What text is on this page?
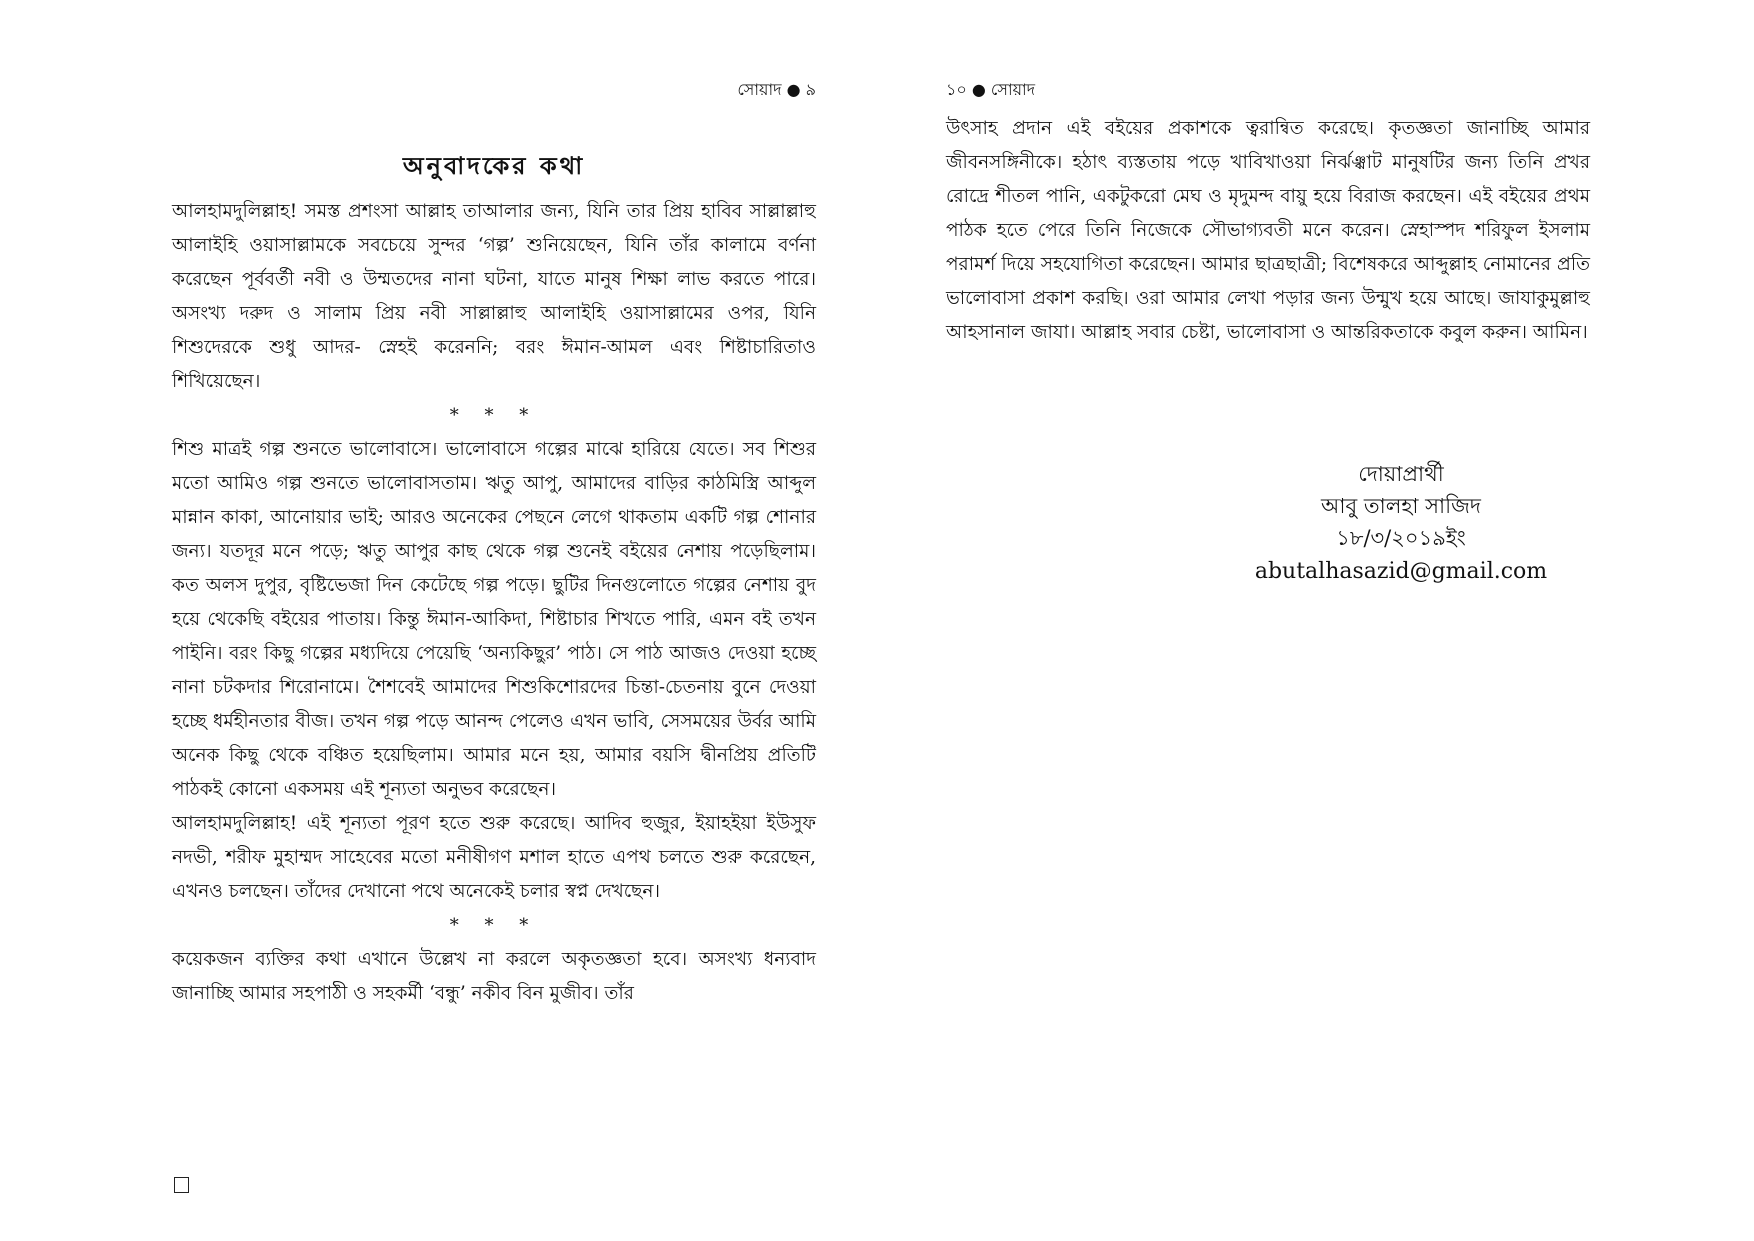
সোয়াদ ● ৯
অনুবাদকের কথা

আলহামদুলিল্লাহ! সমস্ত প্রশংসা আল্লাহ তাআলার জন্য, যিনি তার প্রিয় হাবিব সাল্লাল্লাহু আলাইহি ওয়াসাল্লামকে সবচেয়ে সুন্দর ‘গল্প’ শুনিয়েছেন, যিনি তাঁর কালামে বর্ণনা করেছেন পূর্ববর্তী নবী ও উম্মতদের নানা ঘটনা, যাতে মানুষ শিক্ষা লাভ করতে পারে। অসংখ্য দরুদ ও সালাম প্রিয় নবী সাল্লাল্লাহু আলাইহি ওয়াসাল্লামের ওপর, যিনি শিশুদেরকে শুধু আদর- স্নেহই করেননি; বরং ঈমান-আমল এবং শিষ্টাচারিতাও শিখিয়েছেন।

* * *

শিশু মাত্রই গল্প শুনতে ভালোবাসে। ভালোবাসে গল্পের মাঝে হারিয়ে যেতে। সব শিশুর মতো আমিও গল্প শুনতে ভালোবাসতাম। ঋতু আপু, আমাদের বাড়ির কাঠমিস্ত্রি আব্দুল মান্নান কাকা, আনোয়ার ভাই; আরও অনেকের পেছনে লেগে থাকতাম একটি গল্প শোনার জন্য। যতদূর মনে পড়ে; ঋতু আপুর কাছ থেকে গল্প শুনেই বইয়ের নেশায় পড়েছিলাম। কত অলস দুপুর, বৃষ্টিভেজা দিন কেটেছে গল্প পড়ে। ছুটির দিনগুলোতে গল্পের নেশায় বুদ হয়ে থেকেছি বইয়ের পাতায়। কিন্তু ঈমান-আকিদা, শিষ্টাচার শিখতে পারি, এমন বই তখন পাইনি। বরং কিছু গল্পের মধ্যদিয়ে পেয়েছি ‘অন্যকিছুর’ পাঠ। সে পাঠ আজও দেওয়া হচ্ছে নানা চটকদার শিরোনামে। শৈশবেই আমাদের শিশুকিশোরদের চিন্তা-চেতনায় বুনে দেওয়া হচ্ছে ধর্মহীনতার বীজ। তখন গল্প পড়ে আনন্দ পেলেও এখন ভাবি, সেসময়ের উর্বর আমি অনেক কিছু থেকে বঞ্চিত হয়েছিলাম। আমার মনে হয়, আমার বয়সি দ্বীনপ্রিয় প্রতিটি পাঠকই কোনো একসময় এই শূন্যতা অনুভব করেছেন।

আলহামদুলিল্লাহ! এই শূন্যতা পূরণ হতে শুরু করেছে। আদিব হুজুর, ইয়াহইয়া ইউসুফ নদভী, শরীফ মুহাম্মদ সাহেবের মতো মনীষীগণ মশাল হাতে এপথ চলতে শুরু করেছেন, এখনও চলছেন। তাঁদের দেখানো পথে অনেকেই চলার স্বপ্ন দেখছেন।

* * *

কয়েকজন ব্যক্তির কথা এখানে উল্লেখ না করলে অকৃতজ্ঞতা হবে। অসংখ্য ধন্যবাদ জানাচ্ছি আমার সহপাঠী ও সহকর্মী ‘বন্ধু’ নকীব বিন মুজীব। তাঁর

১০ ● সোয়াদ

উৎসাহ প্রদান এই বইয়ের প্রকাশকে ত্বরান্বিত করেছে। কৃতজ্ঞতা জানাচ্ছি আমার জীবনসঙ্গিনীকে। হঠাৎ ব্যস্ততায় পড়ে খাবিখাওয়া নির্ঝঞ্ঝাট মানুষটির জন্য তিনি প্রখর রোদ্রে শীতল পানি, একটুকরো মেঘ ও মৃদুমন্দ বায়ু হয়ে বিরাজ করছেন। এই বইয়ের প্রথম পাঠক হতে পেরে তিনি নিজেকে সৌভাগ্যবতী মনে করেন। স্নেহাস্পদ শরিফুল ইসলাম পরামর্শ দিয়ে সহযোগিতা করেছেন। আমার ছাত্রছাত্রী; বিশেষকরে আব্দুল্লাহ নোমানের প্রতি ভালোবাসা প্রকাশ করছি। ওরা আমার লেখা পড়ার জন্য উন্মুখ হয়ে আছে। জাযাকুমুল্লাহু আহসানাল জাযা। আল্লাহ সবার চেষ্টা, ভালোবাসা ও আন্তরিকতাকে কবুল করুন। আমিন।

দোয়াপ্রার্থী
আবু তালহা সাজিদ
১৮/৩/২০১৯ইং
abutalhasazid@gmail.com
